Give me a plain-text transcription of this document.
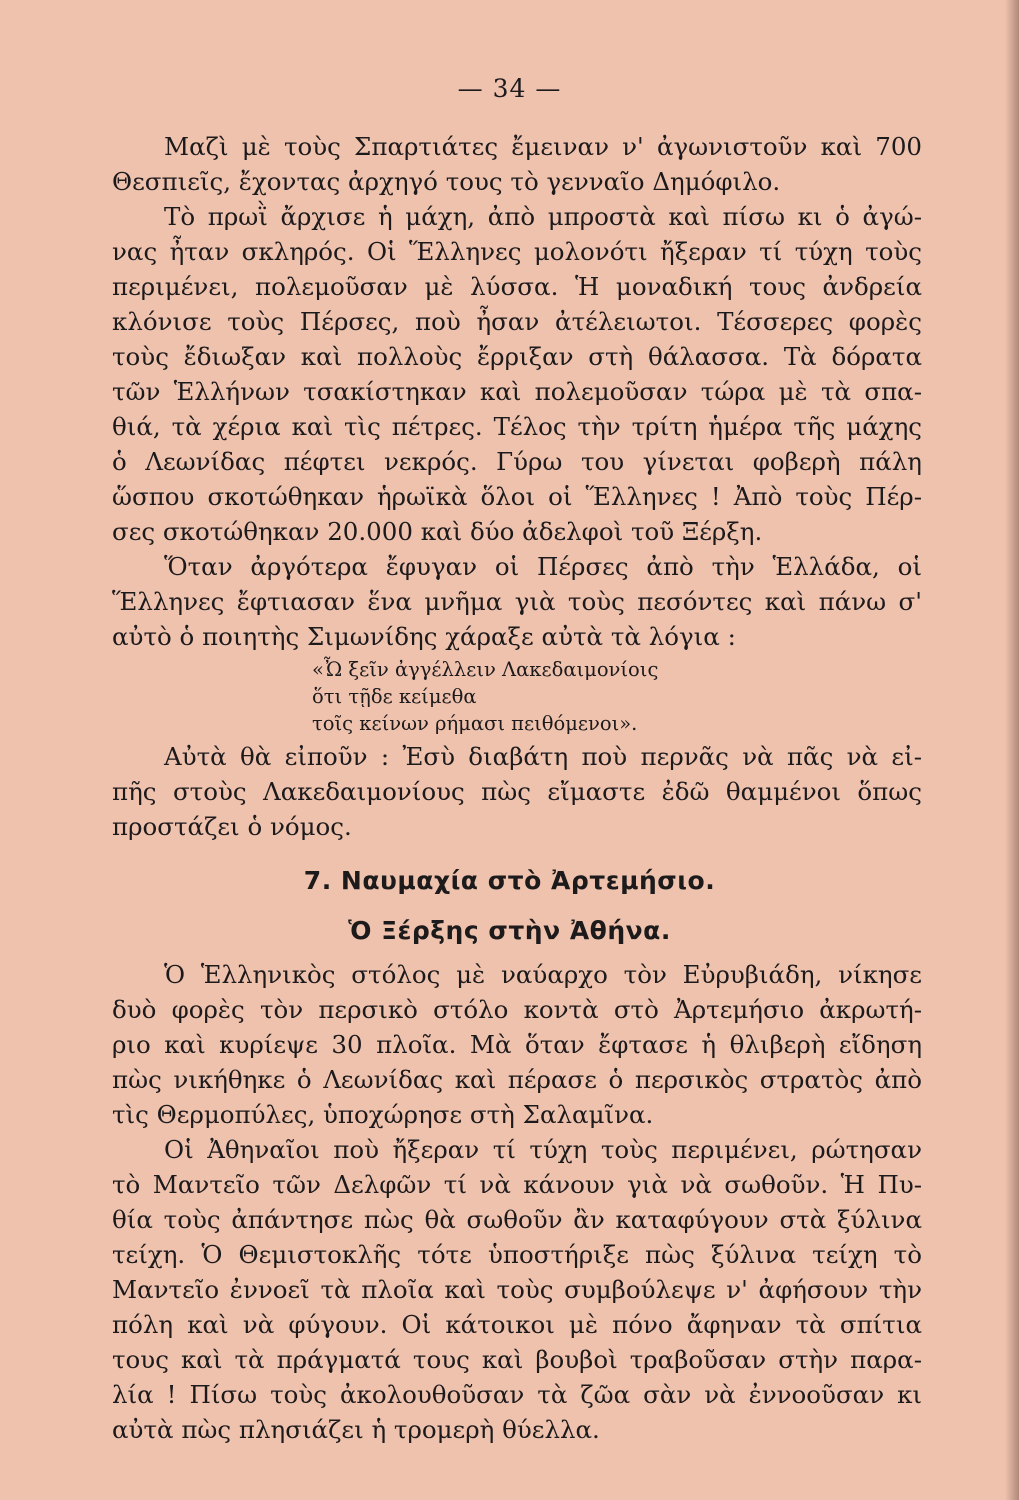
— 34 —
Μαζὶ μὲ τοὺς Σπαρτιάτες ἔμειναν ν' ἀγωνιστοῦν καὶ 700
Θεσπιεῖς, ἔχοντας ἀρχηγό τους τὸ γενναῖο Δημόφιλο.
Τὸ πρωῒ ἄρχισε ἡ μάχη, ἀπὸ μπροστὰ καὶ πίσω κι ὁ ἀγώ-
νας ἦταν σκληρός. Οἱ Ἕλληνες μολονότι ἤξεραν τί τύχη τοὺς
περιμένει, πολεμοῦσαν μὲ λύσσα. Ἡ μοναδική τους ἀνδρεία
κλόνισε τοὺς Πέρσες, ποὺ ἦσαν ἀτέλειωτοι. Τέσσερες φορὲς
τοὺς ἔδιωξαν καὶ πολλοὺς ἔρριξαν στὴ θάλασσα. Τὰ δόρατα
τῶν Ἑλλήνων τσακίστηκαν καὶ πολεμοῦσαν τώρα μὲ τὰ σπα-
θιά, τὰ χέρια καὶ τὶς πέτρες. Τέλος τὴν τρίτη ἡμέρα τῆς μάχης
ὁ Λεωνίδας πέφτει νεκρός. Γύρω του γίνεται φοβερὴ πάλη
ὥσπου σκοτώθηκαν ἡρωϊκὰ ὅλοι οἱ Ἕλληνες ! Ἀπὸ τοὺς Πέρ-
σες σκοτώθηκαν 20.000 καὶ δύο ἀδελφοὶ τοῦ Ξέρξη.
Ὅταν ἀργότερα ἔφυγαν οἱ Πέρσες ἀπὸ τὴν Ἑλλάδα, οἱ
Ἕλληνες ἔφτιασαν ἕνα μνῆμα γιὰ τοὺς πεσόντες καὶ πάνω σ'
αὐτὸ ὁ ποιητὴς Σιμωνίδης χάραξε αὐτὰ τὰ λόγια :
«Ὦ ξεῖν ἀγγέλλειν Λακεδαιμονίοις
ὅτι τῇδε κείμεθα
τοῖς κείνων ρήμασι πειθόμενοι».
Αὐτὰ θὰ εἰποῦν : Ἐσὺ διαβάτη ποὺ περνᾶς νὰ πᾶς νὰ εἰ-
πῆς στοὺς Λακεδαιμονίους πὼς εἴμαστε ἐδῶ θαμμένοι ὅπως
προστάζει ὁ νόμος.
7. Ναυμαχία στὸ Ἀρτεμήσιο.
Ὁ Ξέρξης στὴν Ἀθήνα.
Ὁ Ἑλληνικὸς στόλος μὲ ναύαρχο τὸν Εὐρυβιάδη, νίκησε
δυὸ φορὲς τὸν περσικὸ στόλο κοντὰ στὸ Ἀρτεμήσιο ἀκρωτή-
ριο καὶ κυρίεψε 30 πλοῖα. Μὰ ὅταν ἔφτασε ἡ θλιβερὴ εἴδηση
πὼς νικήθηκε ὁ Λεωνίδας καὶ πέρασε ὁ περσικὸς στρατὸς ἀπὸ
τὶς Θερμοπύλες, ὑποχώρησε στὴ Σαλαμῖνα.
Οἱ Ἀθηναῖοι ποὺ ἤξεραν τί τύχη τοὺς περιμένει, ρώτησαν
τὸ Μαντεῖο τῶν Δελφῶν τί νὰ κάνουν γιὰ νὰ σωθοῦν. Ἡ Πυ-
θία τοὺς ἀπάντησε πὼς θὰ σωθοῦν ἂν καταφύγουν στὰ ξύλινα
τείχη. Ὁ Θεμιστοκλῆς τότε ὑποστήριξε πὼς ξύλινα τείχη τὸ
Μαντεῖο ἐννοεῖ τὰ πλοῖα καὶ τοὺς συμβούλεψε ν' ἀφήσουν τὴν
πόλη καὶ νὰ φύγουν. Οἱ κάτοικοι μὲ πόνο ἄφηναν τὰ σπίτια
τους καὶ τὰ πράγματά τους καὶ βουβοὶ τραβοῦσαν στὴν παρα-
λία ! Πίσω τοὺς ἀκολουθοῦσαν τὰ ζῶα σὰν νὰ ἐννοοῦσαν κι
αὐτὰ πὼς πλησιάζει ἡ τρομερὴ θύελλα.
